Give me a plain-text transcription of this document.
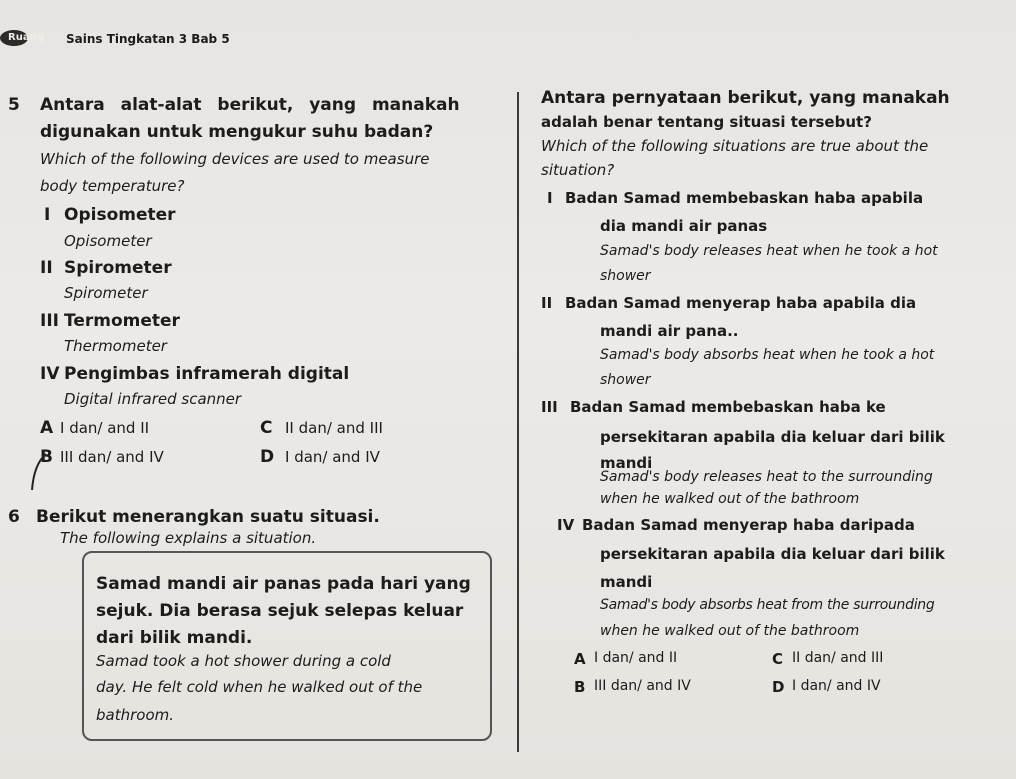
Ruang Sains Tingkatan 3 Bab 5
5 Antara alat-alat berikut, yang manakah
digunakan untuk mengukur suhu badan?
Which of the following devices are used to measure
body temperature?
I Opisometer
Opisometer
II Spirometer
Spirometer
III Termometer
Thermometer
IV Pengimbas inframerah digital
Digital infrared scanner
A I dan/ and II	C II dan/ and III
B III dan/ and IV	D I dan/ and IV
6 Berikut menerangkan suatu situasi.
The following explains a situation.
Samad mandi air panas pada hari yang
sejuk. Dia berasa sejuk selepas keluar
dari bilik mandi.
Samad took a hot shower during a cold
day. He felt cold when he walked out of the
bathroom.
Antara pernyataan berikut, yang manakah
adalah benar tentang situasi tersebut?
Which of the following situations are true about the
situation?
I Badan Samad membebaskan haba apabila
dia mandi air panas
Samad's body releases heat when he took a hot
shower
II Badan Samad menyerap haba apabila dia
mandi air pana..
Samad's body absorbs heat when he took a hot
shower
III Badan Samad membebaskan haba ke
persekitaran apabila dia keluar dari bilik
mandi
Samad's body releases heat to the surrounding
when he walked out of the bathroom
IV Badan Samad menyerap haba daripada
persekitaran apabila dia keluar dari bilik
mandi
Samad's body absorbs heat from the surrounding
when he walked out of the bathroom
A I dan/ and II	C II dan/ and III
B III dan/ and IV	D I dan/ and IV
